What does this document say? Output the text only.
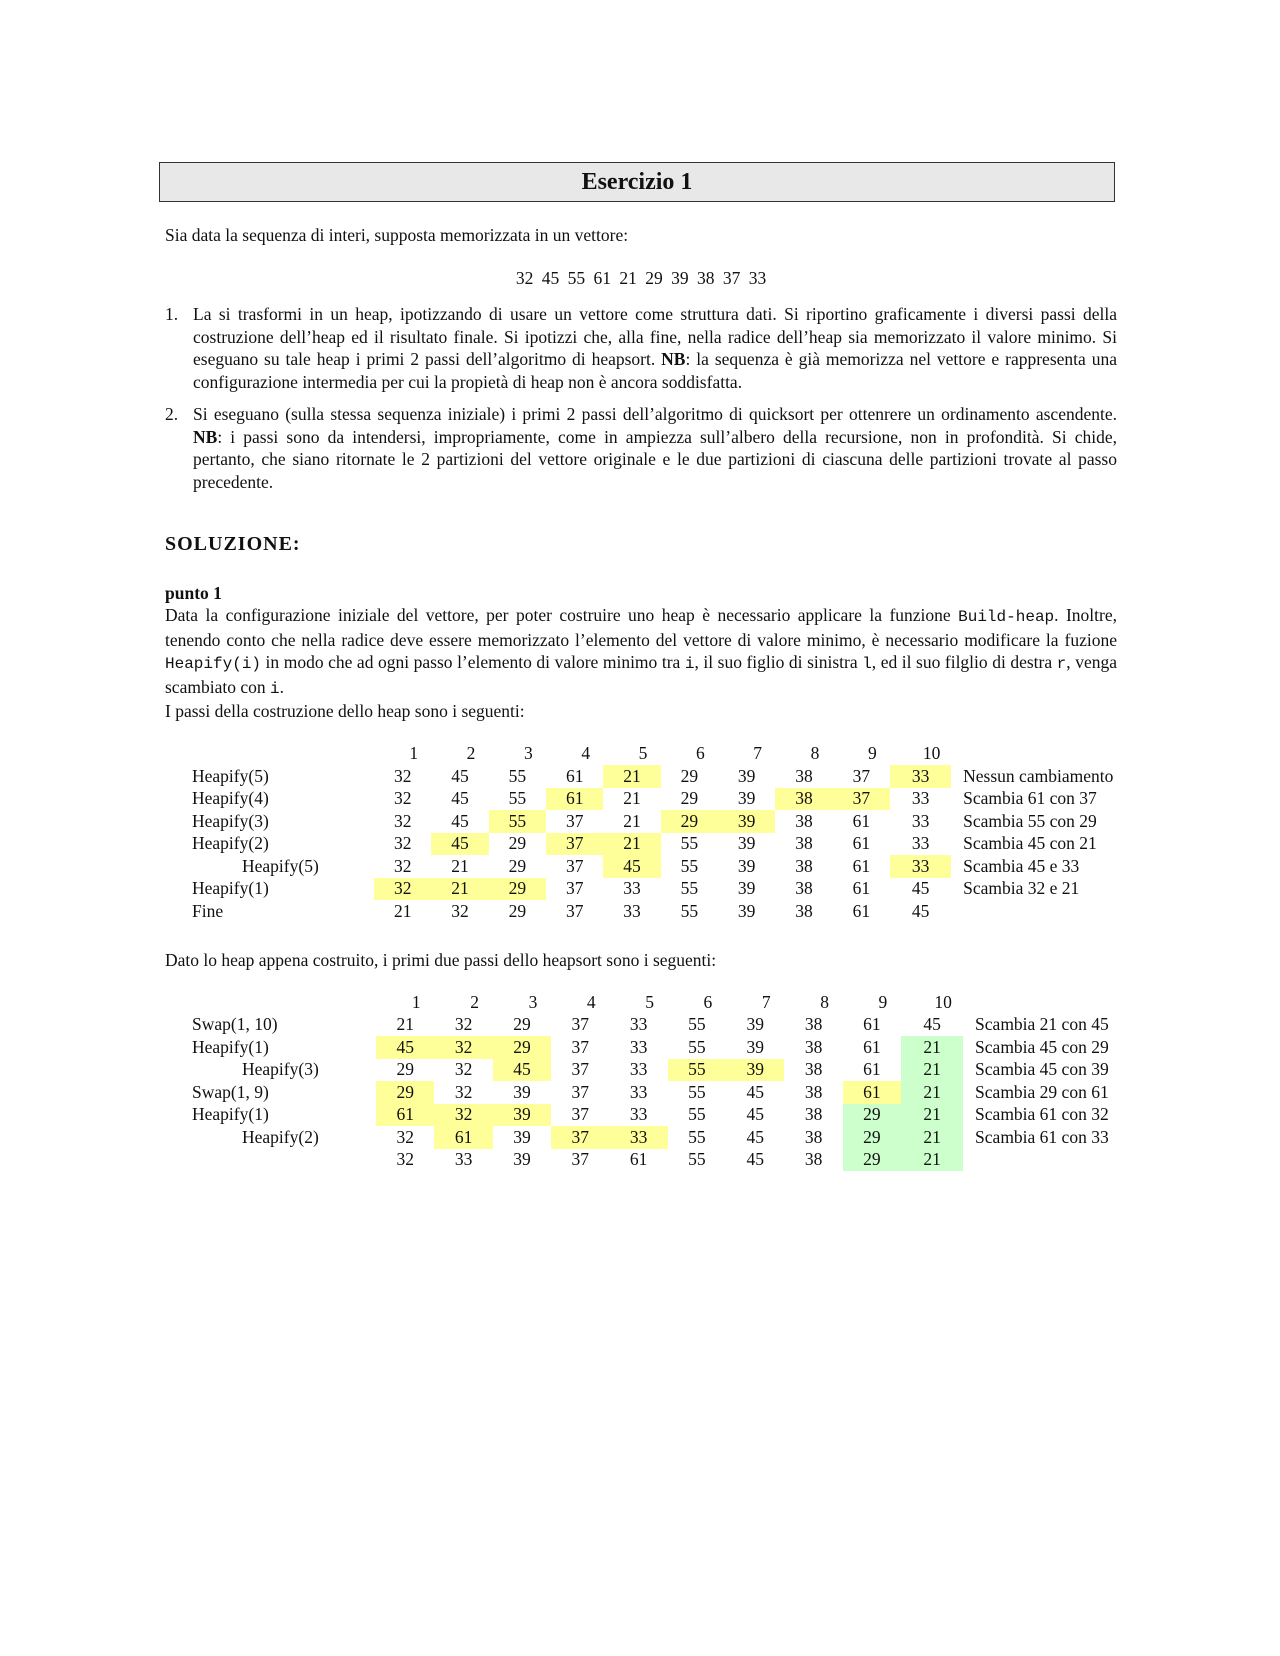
Esercizio 1

Sia data la sequenza di interi, supposta memorizzata in un vettore:

32 45 55 61 21 29 39 38 37 33

1. La si trasformi in un heap, ipotizzando di usare un vettore come struttura dati. Si riportino graficamente i diversi passi della costruzione dell’heap ed il risultato finale. Si ipotizzi che, alla fine, nella radice dell’heap sia memorizzato il valore minimo. Si eseguano su tale heap i primi 2 passi dell’algoritmo di heapsort. NB: la sequenza è già memorizza nel vettore e rappresenta una configurazione intermedia per cui la propietà di heap non è ancora soddisfatta.
2. Si eseguano (sulla stessa sequenza iniziale) i primi 2 passi dell’algoritmo di quicksort per ottenrere un ordinamento ascendente. NB: i passi sono da intendersi, impropriamente, come in ampiezza sull’albero della recursione, non in profondità. Si chide, pertanto, che siano ritornate le 2 partizioni del vettore originale e le due partizioni di ciascuna delle partizioni trovate al passo precedente.

SOLUZIONE:

punto 1

Data la configurazione iniziale del vettore, per poter costruire uno heap è necessario applicare la funzione Build-heap. Inoltre, tenendo conto che nella radice deve essere memorizzato l’elemento del vettore di valore minimo, è necessario modificare la fuzione Heapify(i) in modo che ad ogni passo l’elemento di valore minimo tra i, il suo figlio di sinistra l, ed il suo filglio di destra r, venga scambiato con i.

I passi della costruzione dello heap sono i seguenti:

	1	2	3	4	5	6	7	8	9	10	
Heapify(5)	32	45	55	61	21	29	39	38	37	33	Nessun cambiamento
Heapify(4)	32	45	55	61	21	29	39	38	37	33	Scambia 61 con 37
Heapify(3)	32	45	55	37	21	29	39	38	61	33	Scambia 55 con 29
Heapify(2)	32	45	29	37	21	55	39	38	61	33	Scambia 45 con 21
Heapify(5)	32	21	29	37	45	55	39	38	61	33	Scambia 45 e 33
Heapify(1)	32	21	29	37	33	55	39	38	61	45	Scambia 32 e 21
Fine	21	32	29	37	33	55	39	38	61	45	

Dato lo heap appena costruito, i primi due passi dello heapsort sono i seguenti:

	1	2	3	4	5	6	7	8	9	10	
Swap(1, 10)	21	32	29	37	33	55	39	38	61	45	Scambia 21 con 45
Heapify(1)	45	32	29	37	33	55	39	38	61	21	Scambia 45 con 29
Heapify(3)	29	32	45	37	33	55	39	38	61	21	Scambia 45 con 39
Swap(1, 9)	29	32	39	37	33	55	45	38	61	21	Scambia 29 con 61
Heapify(1)	61	32	39	37	33	55	45	38	29	21	Scambia 61 con 32
Heapify(2)	32	61	39	37	33	55	45	38	29	21	Scambia 61 con 33
	32	33	39	37	61	55	45	38	29	21	
